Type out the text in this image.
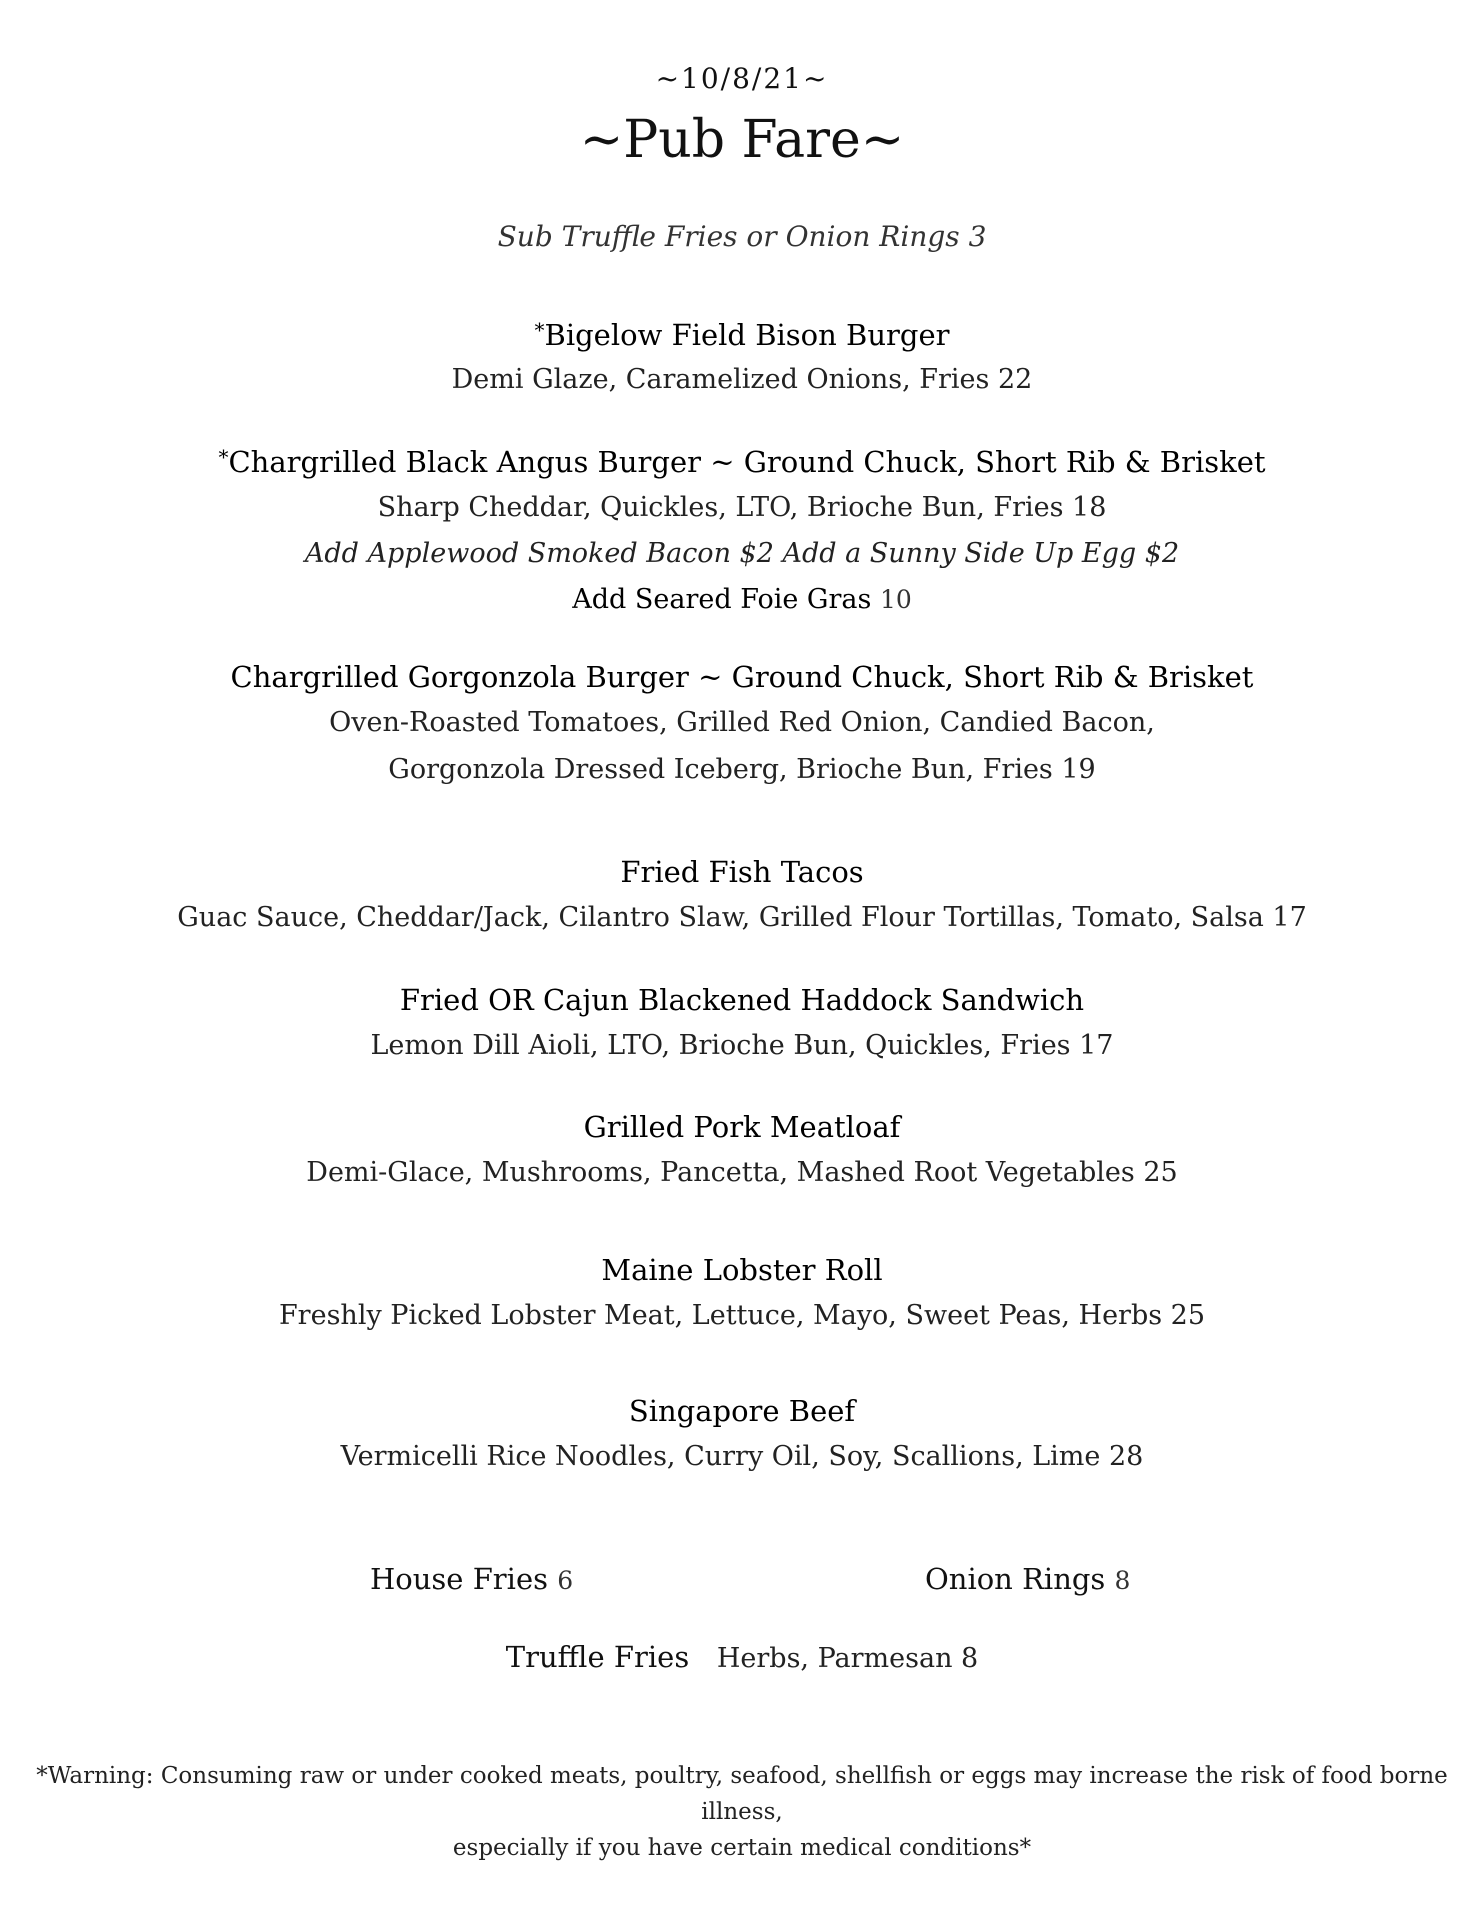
~10/8/21~
~Pub Fare~
Sub Truffle Fries or Onion Rings 3
*Bigelow Field Bison Burger
Demi Glaze, Caramelized Onions, Fries 22
*Chargrilled Black Angus Burger ~ Ground Chuck, Short Rib & Brisket
Sharp Cheddar, Quickles, LTO, Brioche Bun, Fries 18
Add Applewood Smoked Bacon $2 Add a Sunny Side Up Egg $2
Add Seared Foie Gras 10
Chargrilled Gorgonzola Burger ~ Ground Chuck, Short Rib & Brisket
Oven-Roasted Tomatoes, Grilled Red Onion, Candied Bacon,
Gorgonzola Dressed Iceberg, Brioche Bun, Fries 19
Fried Fish Tacos
Guac Sauce, Cheddar/Jack, Cilantro Slaw, Grilled Flour Tortillas, Tomato, Salsa 17
Fried OR Cajun Blackened Haddock Sandwich
Lemon Dill Aioli, LTO, Brioche Bun, Quickles, Fries 17
Grilled Pork Meatloaf
Demi-Glace, Mushrooms, Pancetta, Mashed Root Vegetables 25
Maine Lobster Roll
Freshly Picked Lobster Meat, Lettuce, Mayo, Sweet Peas, Herbs 25
Singapore Beef
Vermicelli Rice Noodles, Curry Oil, Soy, Scallions, Lime 28
House Fries 6	Onion Rings 8
Truffle Fries Herbs, Parmesan 8
*Warning: Consuming raw or under cooked meats, poultry, seafood, shellfish or eggs may increase the risk of food borne illness,
especially if you have certain medical conditions*
